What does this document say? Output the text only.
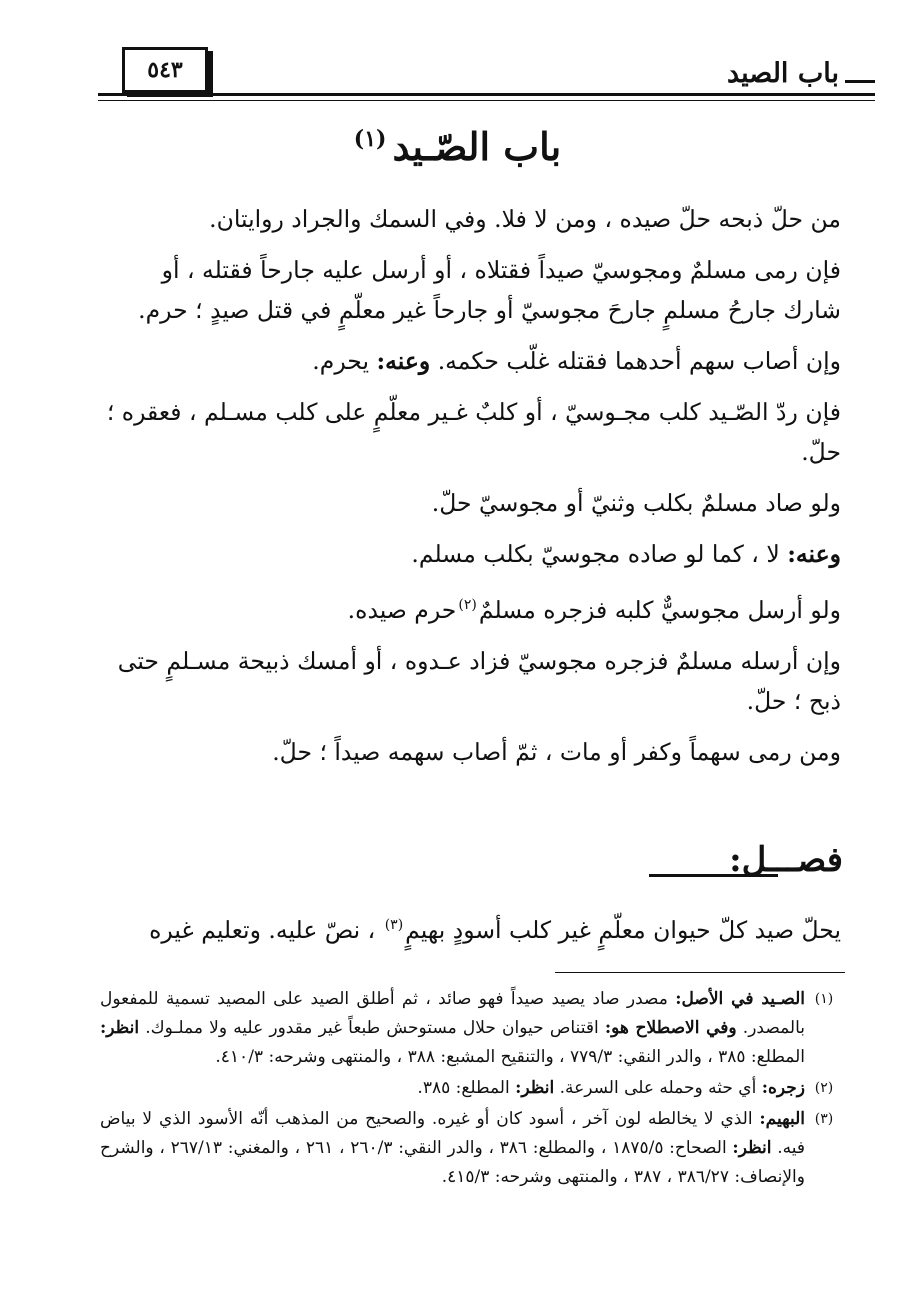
٥٤٣	باب الصيد
باب الصّـيد$^{(١)}$

من حلّ ذبحه حلّ صيده ، ومن لا فلا. وفي السمك والجراد روايتان.

فإن رمى مسلمٌ ومجوسيّ صيداً فقتلاه ، أو أرسل عليه جارحاً فقتله ، أو شارك جارحُ مسلمٍ جارحَ مجوسيّ أو جارحاً غير معلّمٍ في قتل صيدٍ ؛ حرم.

وإن أصاب سهم أحدهما فقتله غلّب حكمه. وعنه: يحرم.

فإن ردّ الصّـيد كلب مجـوسيّ ، أو كلبٌ غـير معلّمٍ على كلب مسـلم ، فعقره ؛ حلّ.

ولو صاد مسلمٌ بكلب وثنيّ أو مجوسيّ حلّ.

وعنه: لا ، كما لو صاده مجوسيّ بكلب مسلم.

ولو أرسل مجوسيٌّ كلبه فزجره مسلمٌ$^{(٢)}$حرم صيده.

وإن أرسله مسلمٌ فزجره مجوسيّ فزاد عـدوه ، أو أمسك ذبيحة مسـلمٍ حتى ذبح ؛ حلّ.

ومن رمى سهماً وكفر أو مات ، ثمّ أصاب سهمه صيداً ؛ حلّ.

فصـــل:
يحلّ صيد كلّ حيوان معلّمٍ غير كلب أسودٍ بهيمٍ$^{(٣)}$ ، نصّ عليه. وتعليم غيره
(١)
الصـيد في الأصل: مصدر صاد يصيد صيداً فهو صائد ، ثم أطلق الصيد على المصيد تسمية للمفعول بالمصدر. وفي الاصطلاح هو: اقتناص حيوان حلال مستوحش طبعاً غير مقدور عليه ولا مملـوك. انظر: المطلع: ٣٨٥ ، والدر النقي: ٧٧٩/٣ ، والتنقيح المشبع: ٣٨٨ ، والمنتهى وشرحه: ٤١٠/٣.
(٢)
زجره: أي حثه وحمله على السرعة. انظر: المطلع: ٣٨٥.
(٣)
البهيم: الذي لا يخالطه لون آخر ، أسود كان أو غيره. والصحيح من المذهب أنّه الأسود الذي لا بياض فيه. انظر: الصحاح: ١٨٧٥/٥ ، والمطلع: ٣٨٦ ، والدر النقي: ٢٦٠/٣ ، ٢٦١ ، والمغني: ٢٦٧/١٣ ، والشرح والإنصاف: ٣٨٦/٢٧ ، ٣٨٧ ، والمنتهى وشرحه: ٤١٥/٣.
